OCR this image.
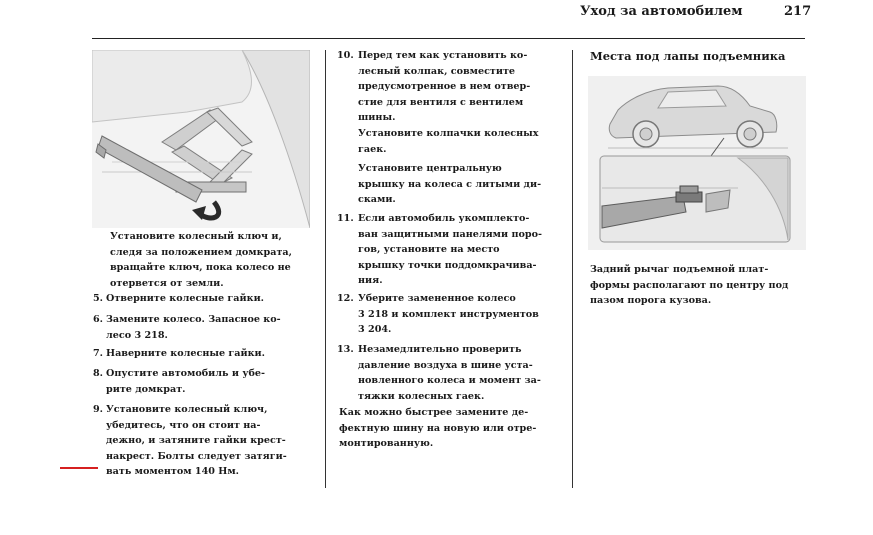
Уход за автомобилем	217
Установите колесный ключ и,
следя за положением домкрата,
вращайте ключ, пока колесо не
отервется от земли.
5. Отверните колесные гайки.
6. Замените колесо. Запасное ко-
лесо 3 218.
7. Наверните колесные гайки.
8. Опустите автомобиль и убе-
рите домкрат.
9. Установите колесный ключ,
убедитесь, что он стоит на-
дежно, и затяните гайки крест-
накрест. Болты следует затяги-
вать моментом 140 Нм.
10. Перед тем как установить ко-
лесный колпак, совместите
предусмотренное в нем отвер-
стие для вентиля с вентилем
шины.
Установите колпачки колесных
гаек.
Установите центральную
крышку на колеса с литыми ди-
сками.
11. Если автомобиль укомплекто-
ван защитными панелями поро-
гов, установите на место
крышку точки поддомкрачива-
ния.
12. Уберите замененное колесо
3 218 и комплект инструментов
3 204.
13. Незамедлительно проверить
давление воздуха в шине уста-
новленного колеса и момент за-
тяжки колесных гаек.
Как можно быстрее замените де-
фектную шину на новую или отре-
монтированную.
Места под лапы подъемника
Задний рычаг подъемной плат-
формы располагают по центру под
пазом порога кузова.
